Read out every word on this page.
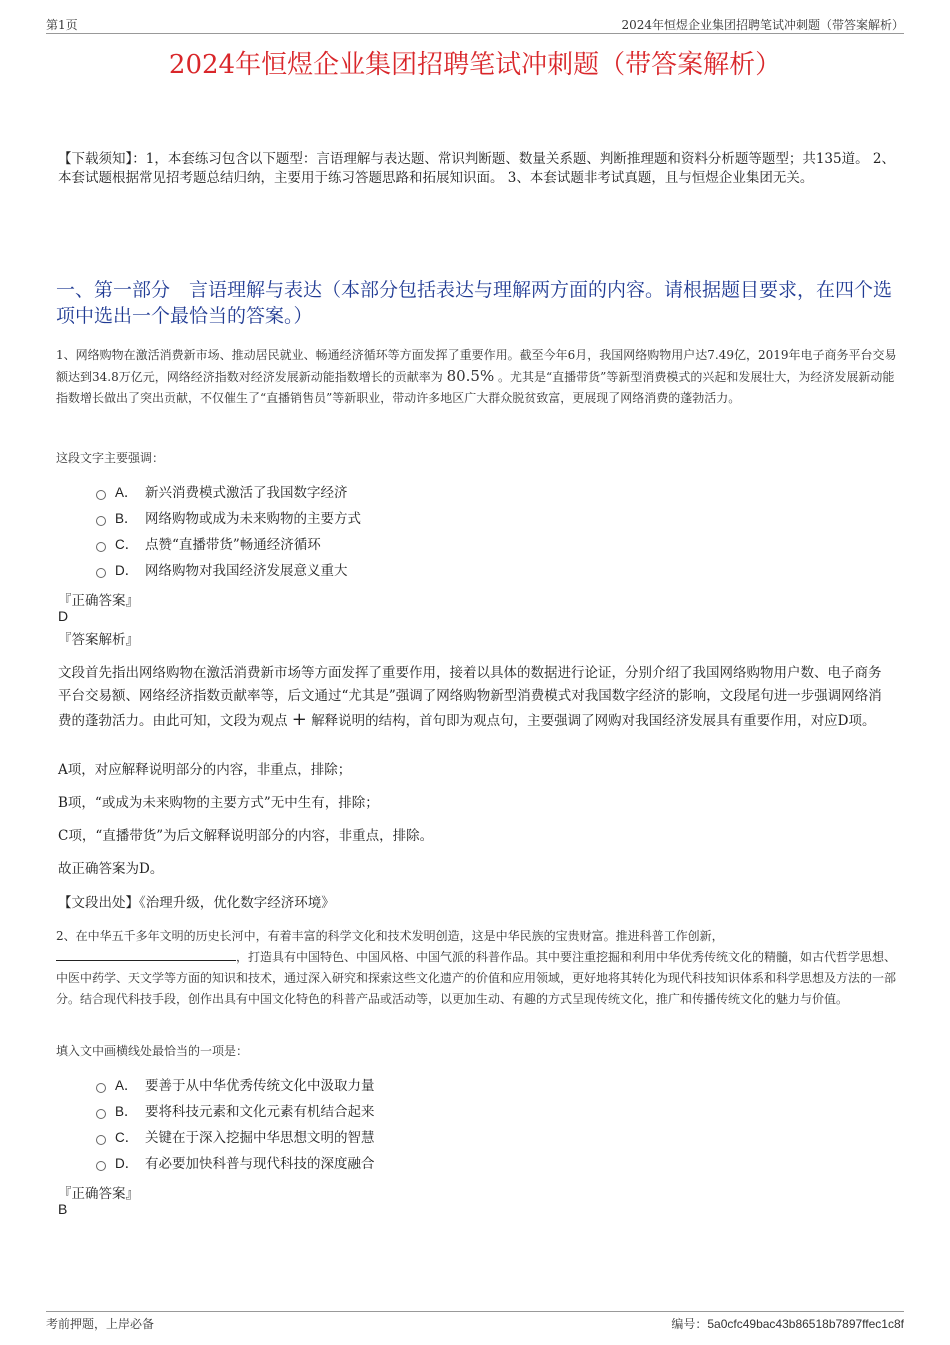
第1页	2024年恒煜企业集团招聘笔试冲刺题（带答案解析）
2024年恒煜企业集团招聘笔试冲刺题（带答案解析）
【下载须知】：1，本套练习包含以下题型：言语理解与表达题、常识判断题、数量关系题、判断推理题和资料分析题等题型；共135道。 2、本套试题根据常见招考题总结归纳，主要用于练习答题思路和拓展知识面。 3、本套试题非考试真题，且与恒煜企业集团无关。
一、第一部分　言语理解与表达（本部分包括表达与理解两方面的内容。请根据题目要求，在四个选项中选出一个最恰当的答案。）
1、网络购物在激活消费新市场、推动居民就业、畅通经济循环等方面发挥了重要作用。截至今年6月，我国网络购物用户达7.49亿，2019年电子商务平台交易额达到34.8万亿元，网络经济指数对经济发展新动能指数增长的贡献率为 80.5% 。尤其是“直播带货”等新型消费模式的兴起和发展壮大，为经济发展新动能指数增长做出了突出贡献，不仅催生了“直播销售员”等新职业，带动许多地区广大群众脱贫致富，更展现了网络消费的蓬勃活力。
这段文字主要强调：
A． 新兴消费模式激活了我国数字经济
B． 网络购物或成为未来购物的主要方式
C． 点赞“直播带货”畅通经济循环
D． 网络购物对我国经济发展意义重大
『正确答案』
D
『答案解析』
文段首先指出网络购物在激活消费新市场等方面发挥了重要作用，接着以具体的数据进行论证，分别介绍了我国网络购物用户数、电子商务平台交易额、网络经济指数贡献率等，后文通过“尤其是”强调了网络购物新型消费模式对我国数字经济的影响，文段尾句进一步强调网络消费的蓬勃活力。由此可知，文段为观点 + 解释说明的结构，首句即为观点句，主要强调了网购对我国经济发展具有重要作用，对应D项。
A项，对应解释说明部分的内容，非重点，排除；
B项，“或成为未来购物的主要方式”无中生有，排除；
C项，“直播带货”为后文解释说明部分的内容，非重点，排除。
故正确答案为D。
【文段出处】《治理升级，优化数字经济环境》
2、在中华五千多年文明的历史长河中，有着丰富的科学文化和技术发明创造，这是中华民族的宝贵财富。推进科普工作创新，，打造具有中国特色、中国风格、中国气派的科普作品。其中要注重挖掘和利用中华优秀传统文化的精髓，如古代哲学思想、中医中药学、天文学等方面的知识和技术，通过深入研究和探索这些文化遗产的价值和应用领域，更好地将其转化为现代科技知识体系和科学思想及方法的一部分。结合现代科技手段，创作出具有中国文化特色的科普产品或活动等，以更加生动、有趣的方式呈现传统文化，推广和传播传统文化的魅力与价值。
填入文中画横线处最恰当的一项是：
A． 要善于从中华优秀传统文化中汲取力量
B． 要将科技元素和文化元素有机结合起来
C． 关键在于深入挖掘中华思想文明的智慧
D． 有必要加快科普与现代科技的深度融合
『正确答案』
B
考前押题，上岸必备	编号：5a0cfc49bac43b86518b7897ffec1c8f
